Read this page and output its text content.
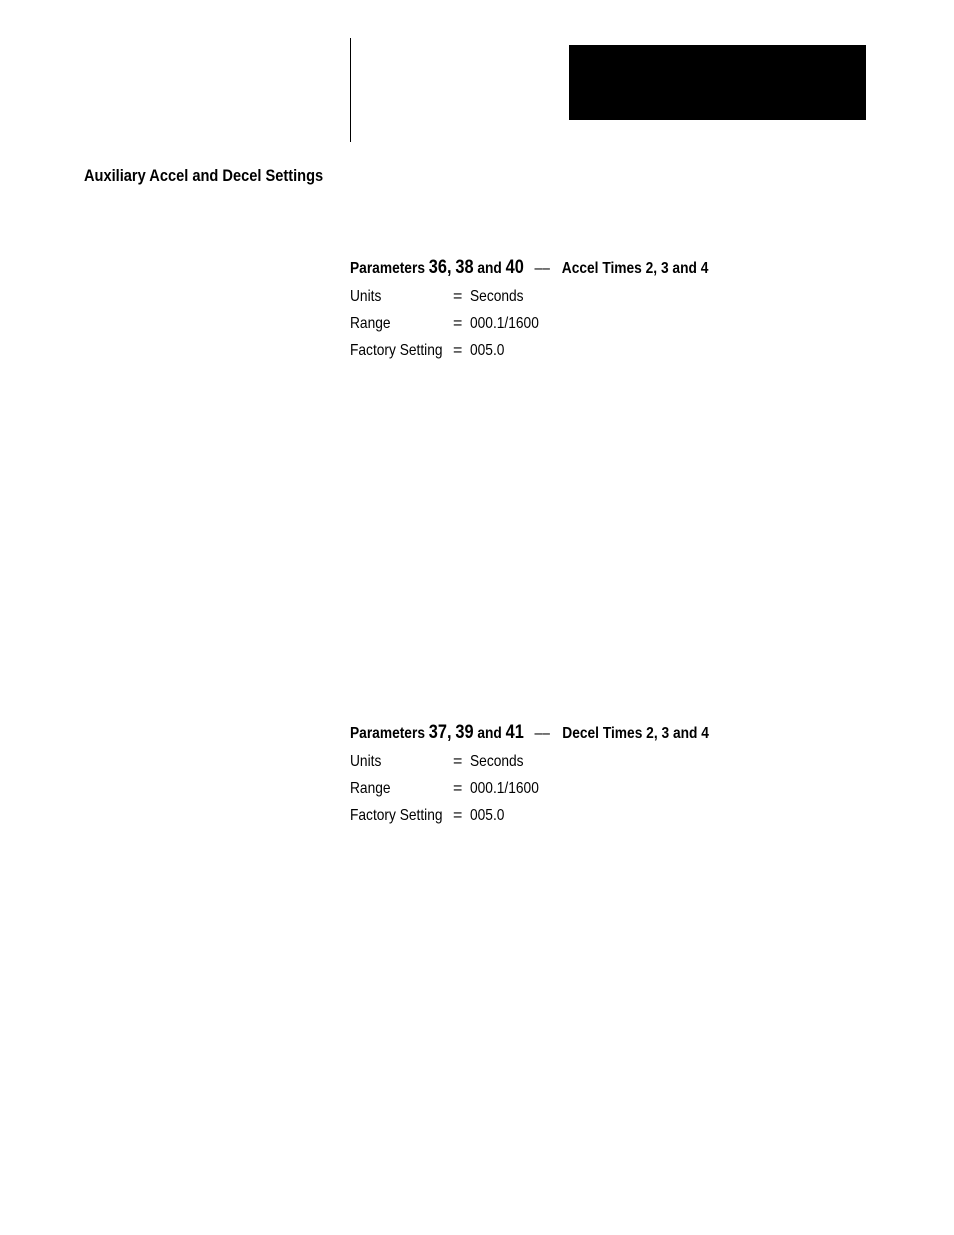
Auxiliary Accel and Decel Settings
Parameters 36, 38 and 40 –– Accel Times 2, 3 and 4
Units	= Seconds
Range	= 000.1/1600
Factory Setting = 005.0
Parameters 37, 39 and 41 –– Decel Times 2, 3 and 4
Units	= Seconds
Range	= 000.1/1600
Factory Setting = 005.0
